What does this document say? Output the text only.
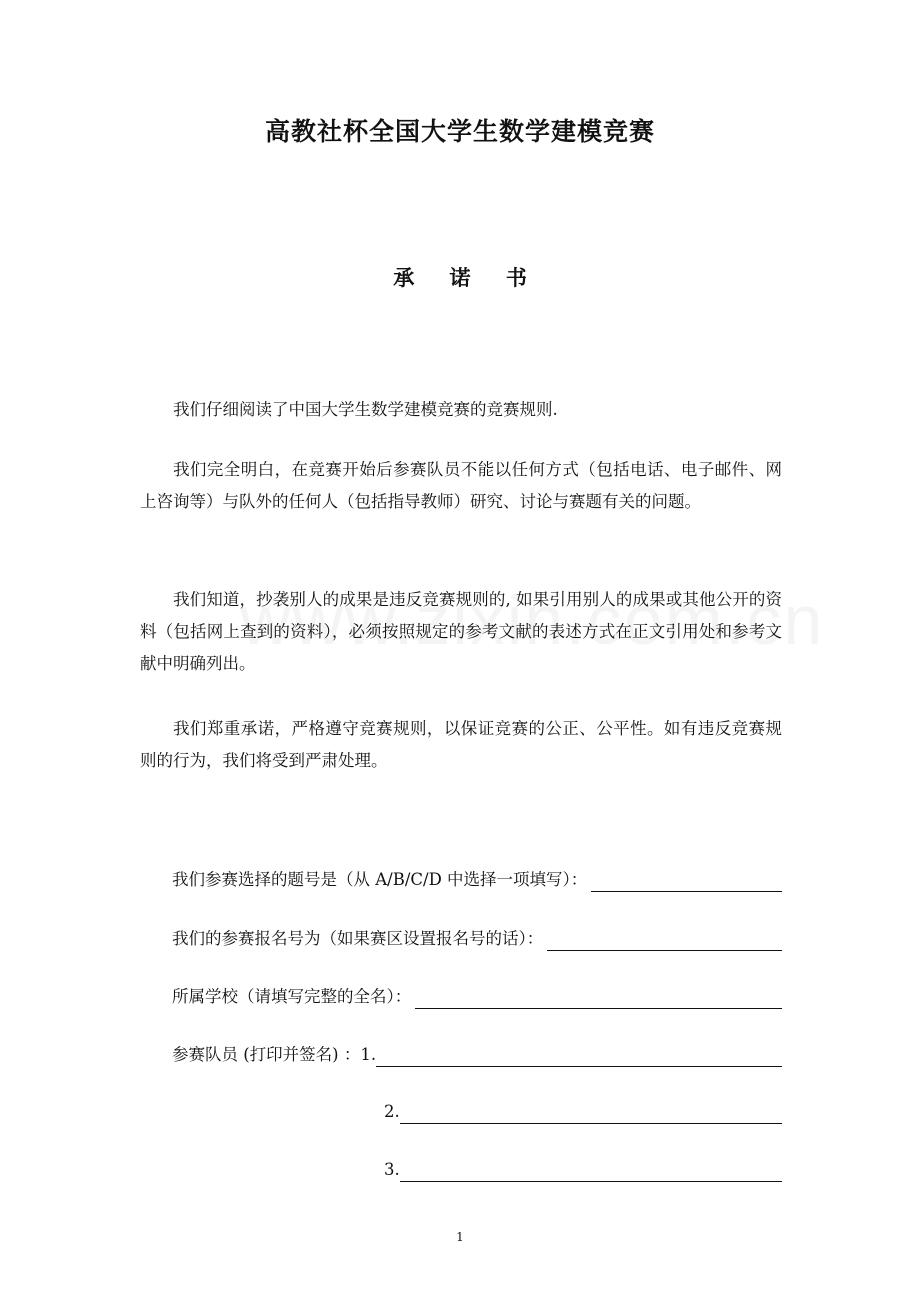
高教社杯全国大学生数学建模竞赛
承 诺 书

我们仔细阅读了中国大学生数学建模竞赛的竞赛规则.

我们完全明白，在竞赛开始后参赛队员不能以任何方式（包括电话、电子邮件、网上咨询等）与队外的任何人（包括指导教师）研究、讨论与赛题有关的问题。

我们知道，抄袭别人的成果是违反竞赛规则的, 如果引用别人的成果或其他公开的资料（包括网上查到的资料），必须按照规定的参考文献的表述方式在正文引用处和参考文献中明确列出。

我们郑重承诺，严格遵守竞赛规则，以保证竞赛的公正、公平性。如有违反竞赛规则的行为，我们将受到严肃处理。

我们参赛选择的题号是（从 A/B/C/D 中选择一项填写）：
我们的参赛报名号为（如果赛区设置报名号的话）：
所属学校（请填写完整的全名）：
参赛队员 (打印并签名) ： 1.
2.
3.
1
